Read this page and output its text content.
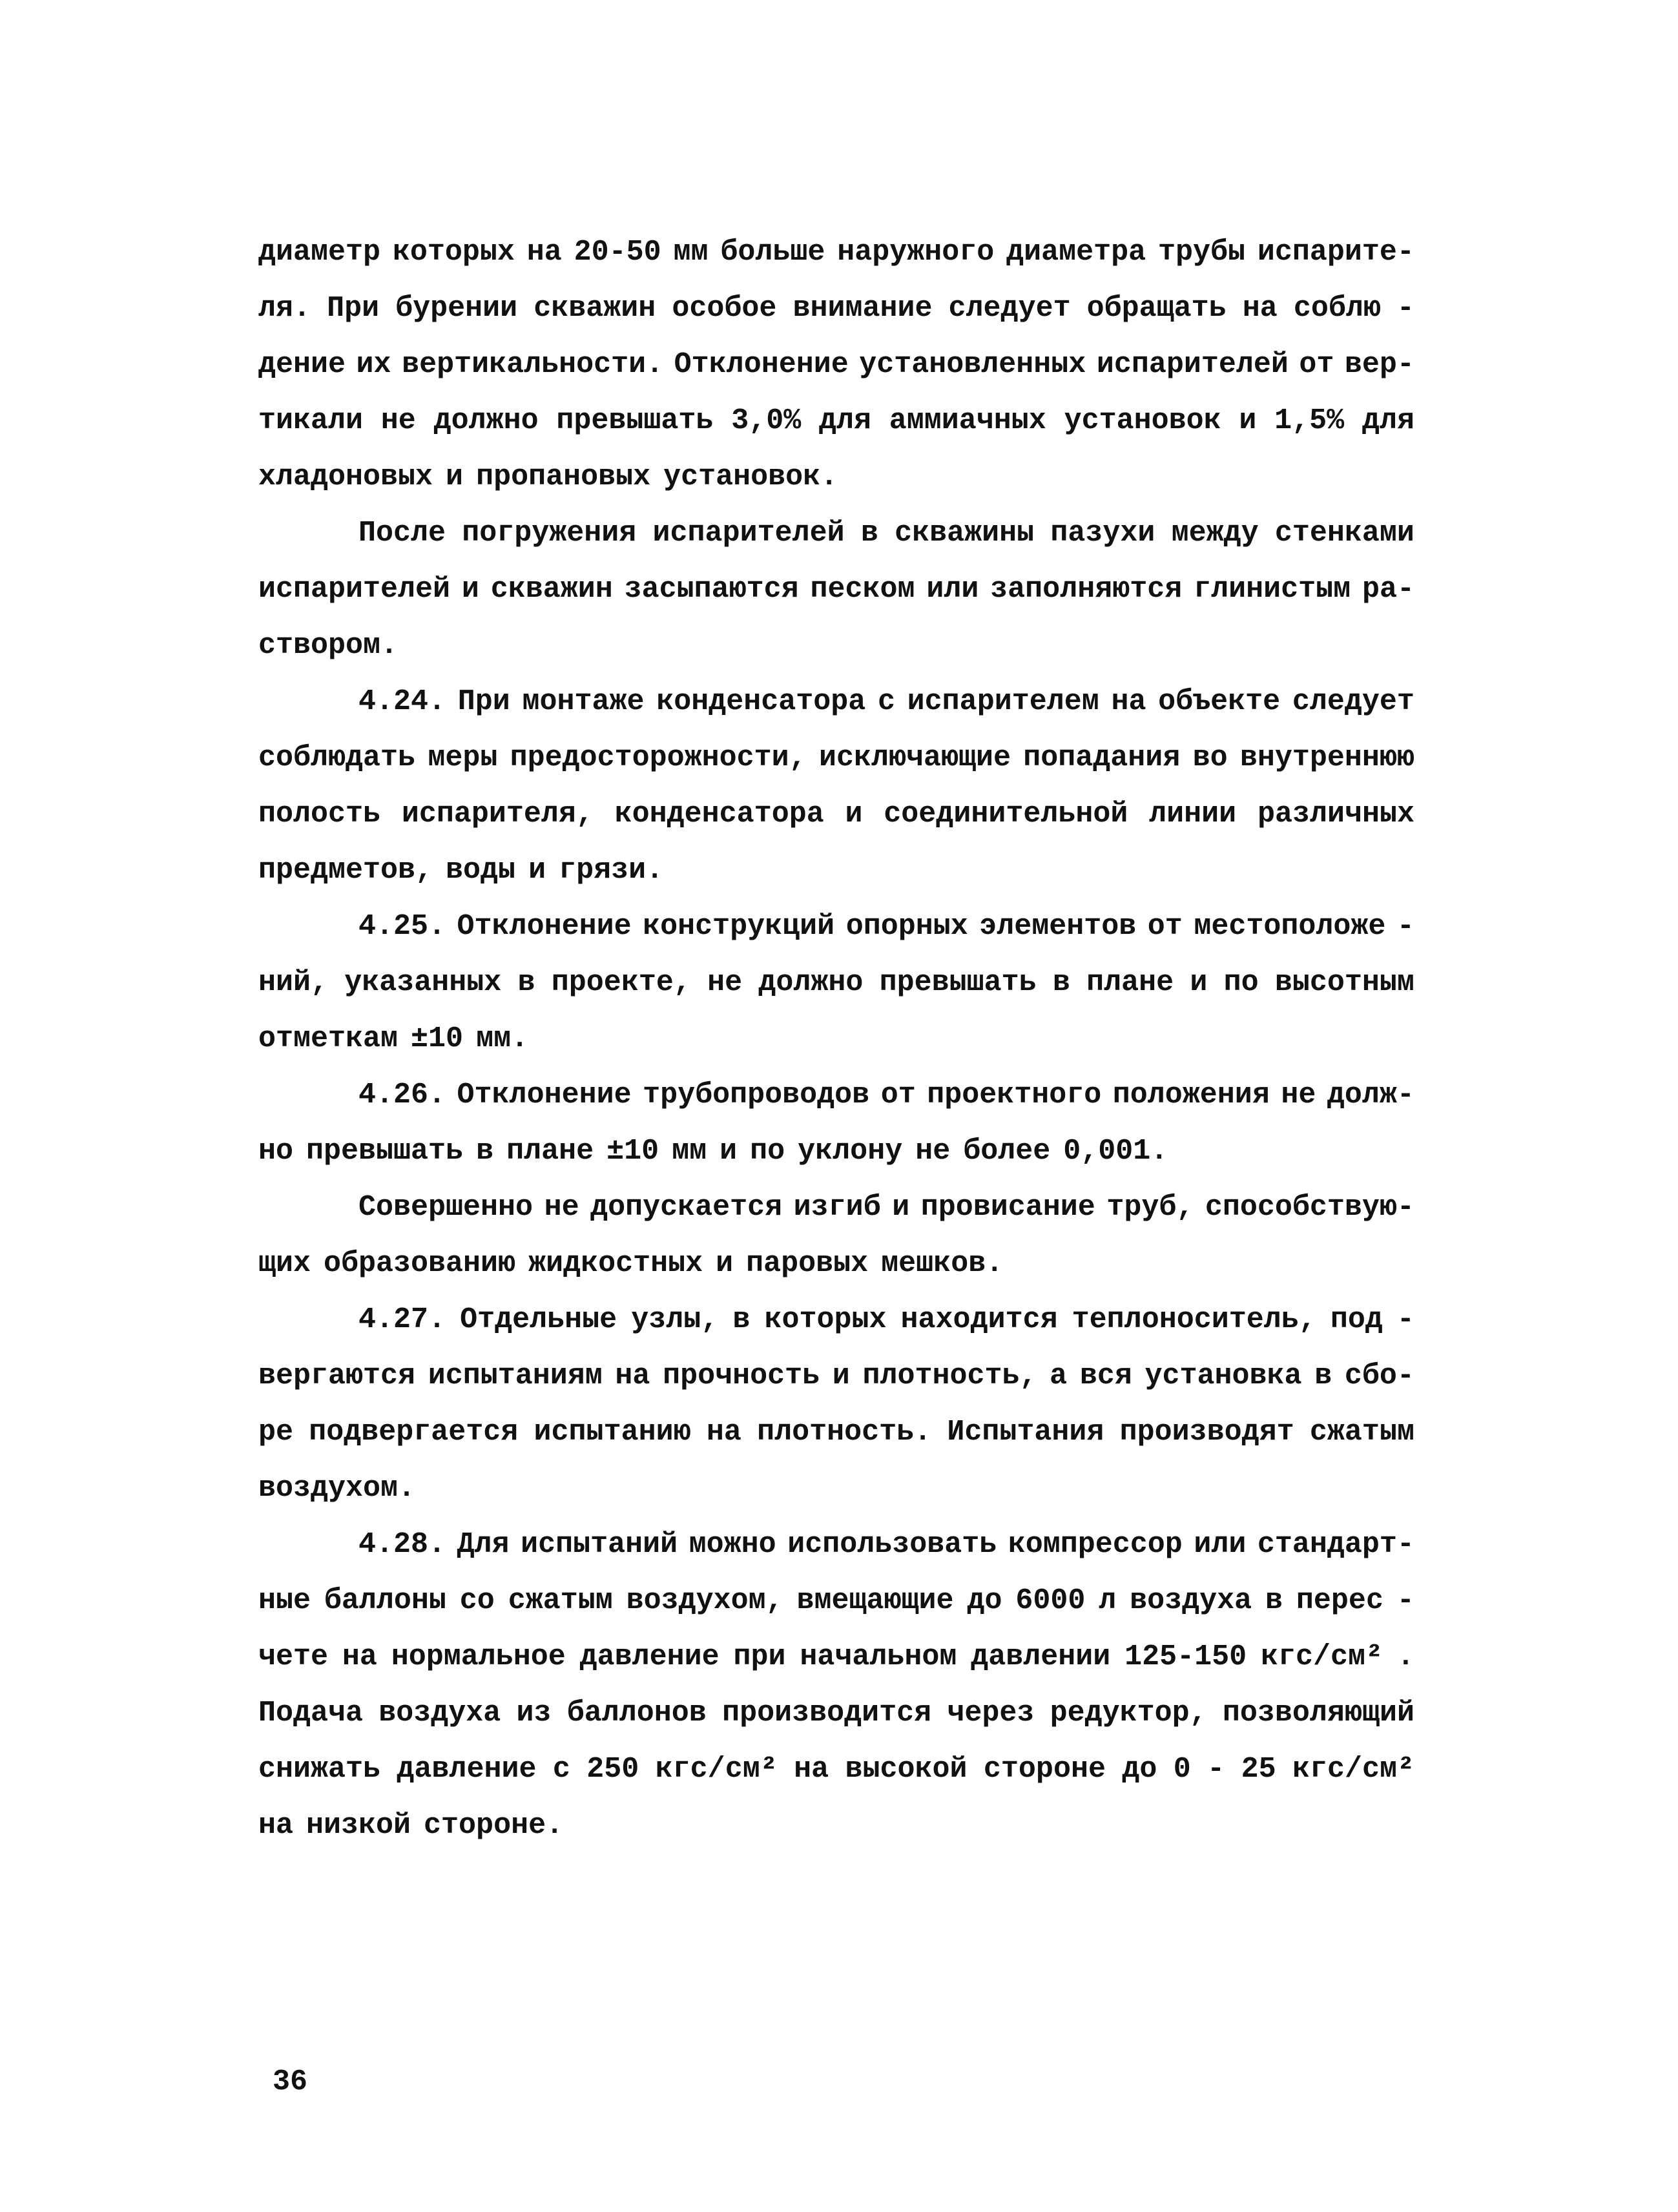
диаметр которых на 20-50 мм больше наружного диаметра трубы испарите-
ля. При бурении скважин особое внимание следует обращать на соблю -
дение их вертикальности. Отклонение установленных испарителей от вер-
тикали не должно превышать 3,0% для аммиачных установок и 1,5% для
хладоновых и пропановых установок.
После погружения испарителей в скважины пазухи между стенками
испарителей и скважин засыпаются песком или заполняются глинистым ра-
створом.
4.24. При монтаже конденсатора с испарителем на объекте следует
соблюдать меры предосторожности, исключающие попадания во внутреннюю
полость испарителя, конденсатора и соединительной линии различных
предметов, воды и грязи.
4.25. Отклонение конструкций опорных элементов от местоположе -
ний, указанных в проекте, не должно превышать в плане и по высотным
отметкам ±10 мм.
4.26. Отклонение трубопроводов от проектного положения не долж-
но превышать в плане ±10 мм и по уклону не более 0,001.
Совершенно не допускается изгиб и провисание труб, способствую-
щих образованию жидкостных и паровых мешков.
4.27. Отдельные узлы, в которых находится теплоноситель, под -
вергаются испытаниям на прочность и плотность, а вся установка в сбо-
ре подвергается испытанию на плотность. Испытания производят сжатым
воздухом.
4.28. Для испытаний можно использовать компрессор или стандарт-
ные баллоны со сжатым воздухом, вмещающие до 6000 л воздуха в перес -
чете на нормальное давление при начальном давлении 125-150 кгс/см² .
Подача воздуха из баллонов производится через редуктор, позволяющий
снижать давление с 250 кгс/см² на высокой стороне до 0 - 25 кгс/см²
на низкой стороне.
36
